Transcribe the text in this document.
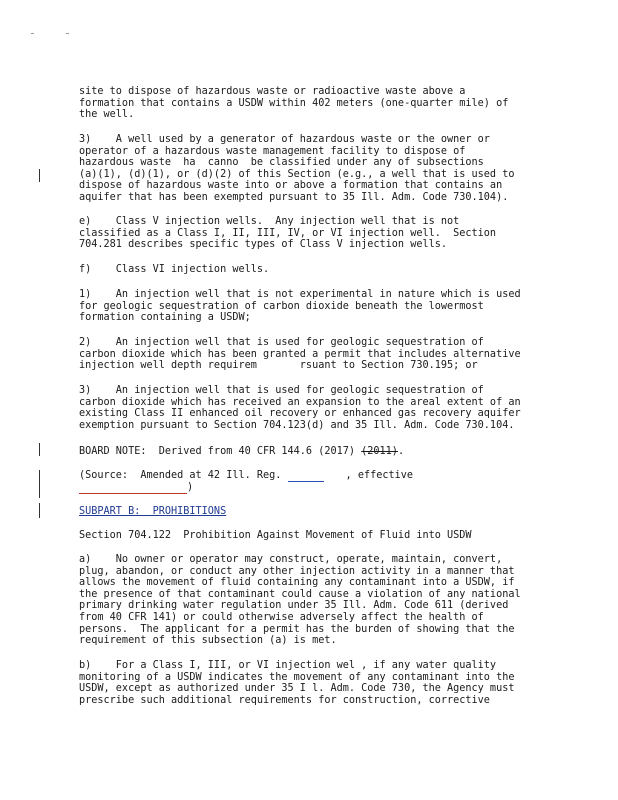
site to dispose of hazardous waste or radioactive waste above a
formation that contains a USDW within 402 meters (one-quarter mile) of
the well.

3)    A well used by a generator of hazardous waste or the owner or
operator of a hazardous waste management facility to dispose of
hazardous waste  ha  canno  be classified under any of subsections
(a)(1), (d)(1), or (d)(2) of this Section (e.g., a well that is used to
dispose of hazardous waste into or above a formation that contains an
aquifer that has been exempted pursuant to 35 Ill. Adm. Code 730.104).

e)    Class V injection wells.  Any injection well that is not
classified as a Class I, II, III, IV, or VI injection well.  Section
704.281 describes specific types of Class V injection wells.

f)    Class VI injection wells.

1)    An injection well that is not experimental in nature which is used
for geologic sequestration of carbon dioxide beneath the lowermost
formation containing a USDW;

2)    An injection well that is used for geologic sequestration of
carbon dioxide which has been granted a permit that includes alternative
injection well depth requirem       rsuant to Section 730.195; or

3)    An injection well that is used for geologic sequestration of
carbon dioxide which has received an expansion to the areal extent of an
existing Class II enhanced oil recovery or enhanced gas recovery aquifer
exemption pursuant to Section 704.123(d) and 35 Ill. Adm. Code 730.104.

BOARD NOTE:  Derived from 40 CFR 144.6 (2017) (2011).

(Source:  Amended at 42 Ill. Reg.	, effective

)

SUBPART B:  PROHIBITIONS

Section 704.122  Prohibition Against Movement of Fluid into USDW

a)    No owner or operator may construct, operate, maintain, convert,
plug, abandon, or conduct any other injection activity in a manner that
allows the movement of fluid containing any contaminant into a USDW, if
the presence of that contaminant could cause a violation of any national
primary drinking water regulation under 35 Ill. Adm. Code 611 (derived
from 40 CFR 141) or could otherwise adversely affect the health of
persons.  The applicant for a permit has the burden of showing that the
requirement of this subsection (a) is met.

b)    For a Class I, III, or VI injection wel , if any water quality
monitoring of a USDW indicates the movement of any contaminant into the
USDW, except as authorized under 35 I l. Adm. Code 730, the Agency must
prescribe such additional requirements for construction, corrective
